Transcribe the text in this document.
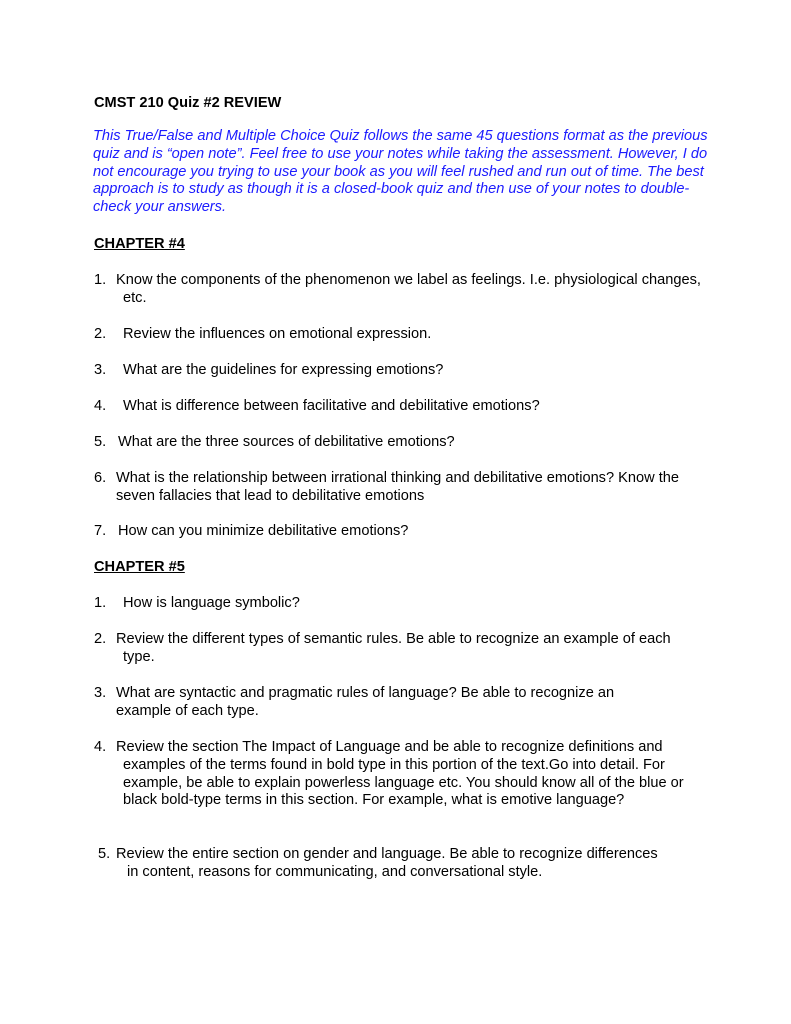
CMST 210 Quiz #2 REVIEW

This True/False and Multiple Choice Quiz follows the same 45 questions format as the previous quiz and is “open note”. Feel free to use your notes while taking the assessment. However, I do not encourage you trying to use your book as you will feel rushed and run out of time. The best approach is to study as though it is a closed-book quiz and then use of your notes to double-check your answers.

CHAPTER #4
1. Know the components of the phenomenon we label as feelings. I.e. physiological changes, etc.
2.	Review the influences on emotional expression.
3.	What are the guidelines for expressing emotions?
4.	What is difference between facilitative and debilitative emotions?
5. What are the three sources of debilitative emotions?
6. What is the relationship between irrational thinking and debilitative emotions? Know the seven fallacies that lead to debilitative emotions
7. How can you minimize debilitative emotions?
CHAPTER #5
1.	How is language symbolic?
2. Review the different types of semantic rules. Be able to recognize an example of each type.
3. What are syntactic and pragmatic rules of language? Be able to recognize an example of each type.
4. Review the section The Impact of Language and be able to recognize definitions and examples of the terms found in bold type in this portion of the text.Go into detail. For example, be able to explain powerless language etc. You should know all of the blue or black bold-type terms in this section. For example, what is emotive language?
5. Review the entire section on gender and language. Be able to recognize differences in content, reasons for communicating, and conversational style.
